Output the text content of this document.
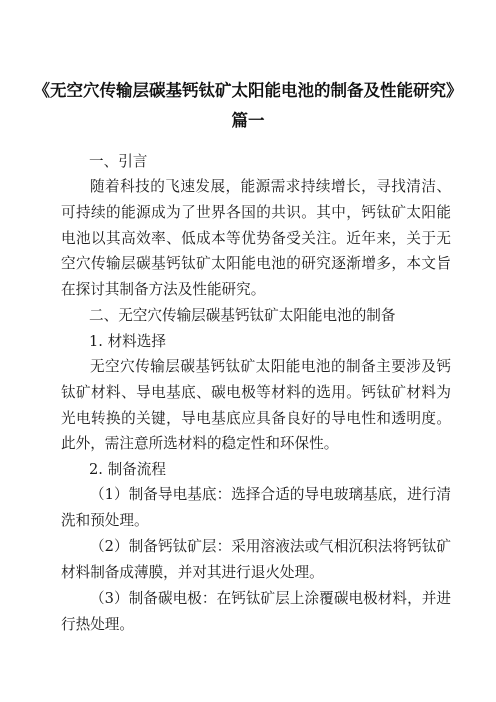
《无空穴传输层碳基钙钛矿太阳能电池的制备及性能研究》
篇一
一、引言
随着科技的飞速发展，能源需求持续增长，寻找清洁、可持续的能源成为了世界各国的共识。其中，钙钛矿太阳能电池以其高效率、低成本等优势备受关注。近年来，关于无空穴传输层碳基钙钛矿太阳能电池的研究逐渐增多，本文旨在探讨其制备方法及性能研究。
二、无空穴传输层碳基钙钛矿太阳能电池的制备
1. 材料选择
无空穴传输层碳基钙钛矿太阳能电池的制备主要涉及钙钛矿材料、导电基底、碳电极等材料的选用。钙钛矿材料为光电转换的关键，导电基底应具备良好的导电性和透明度。此外，需注意所选材料的稳定性和环保性。
2. 制备流程
（1）制备导电基底：选择合适的导电玻璃基底，进行清洗和预处理。
（2）制备钙钛矿层：采用溶液法或气相沉积法将钙钛矿材料制备成薄膜，并对其进行退火处理。
（3）制备碳电极：在钙钛矿层上涂覆碳电极材料，并进行热处理。
